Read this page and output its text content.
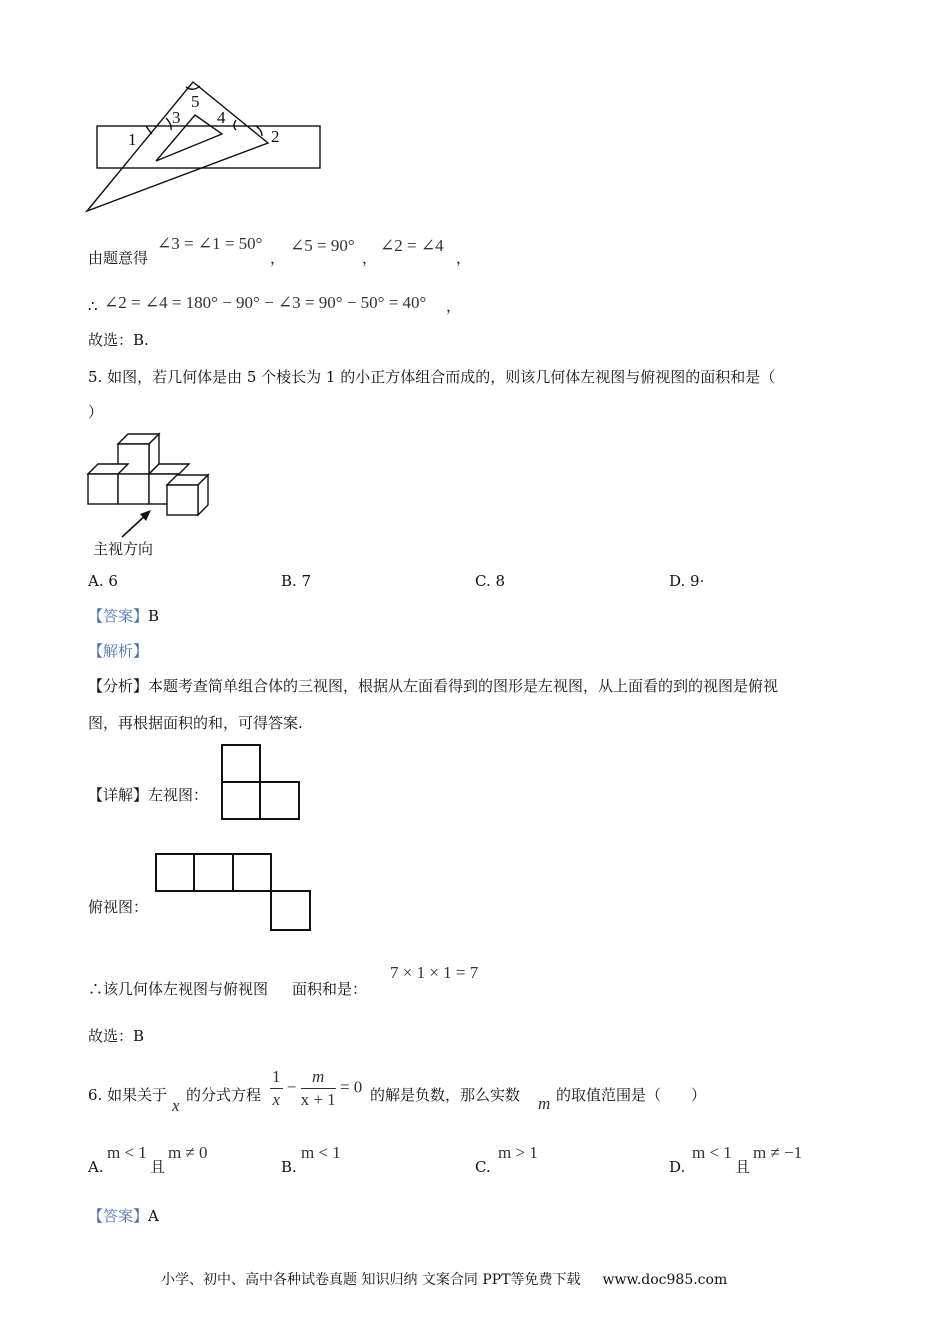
1	2
3 4
5
由题意得
∠3 = ∠1 = 50°
，
∠5 = 90°
，
∠2 = ∠4
，
∴ ∠2 = ∠4 = 180° − 90° − ∠3 = 90° − 50° = 40° ，
故选：B.
5. 如图，若几何体是由 5 个棱长为 1 的小正方体组合而成的，则该几何体左视图与俯视图的面积和是（
）
主视方向
A. 6	B. 7	C. 8	D. 9·
【答案】B
【解析】
【分析】本题考查简单组合体的三视图，根据从左面看得到的图形是左视图，从上面看的到的视图是俯视
图，再根据面积的和，可得答案.
【详解】左视图：
俯视图：
∴该几何体左视图与俯视图 面积和是：
7 × 1 × 1 = 7
故选：B
6. 如果关于
x
的分式方程 $\frac{1}{x} - \frac{m}{x + 1} = 0$ 的解是负数，那么实数 m 的取值范围是（　　）
A.
m < 1
且
m ≠ 0
B.
m < 1
C.
m > 1
D.
m < 1
且
m ≠ −1
【答案】A
小学、初中、高中各种试卷真题 知识归纳 文案合同 PPT等免费下载 www.doc985.com
